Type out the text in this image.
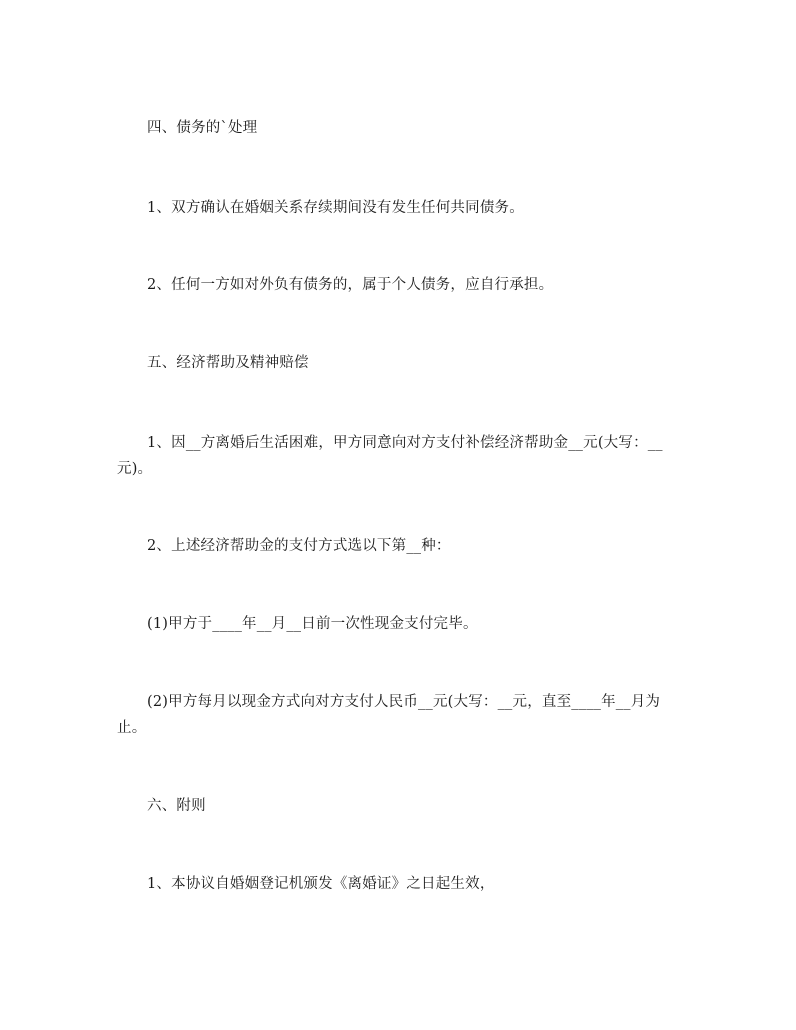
四、债务的`处理
1、双方确认在婚姻关系存续期间没有发生任何共同债务。
2、任何一方如对外负有债务的，属于个人债务，应自行承担。
五、经济帮助及精神赔偿
1、因__方离婚后生活困难，甲方同意向对方支付补偿经济帮助金__元(大写：__元)。
2、上述经济帮助金的支付方式选以下第__种：
(1)甲方于____年__月__日前一次性现金支付完毕。
(2)甲方每月以现金方式向对方支付人民币__元(大写：__元，直至____年__月为止。
六、附则
1、本协议自婚姻登记机颁发《离婚证》之日起生效，
